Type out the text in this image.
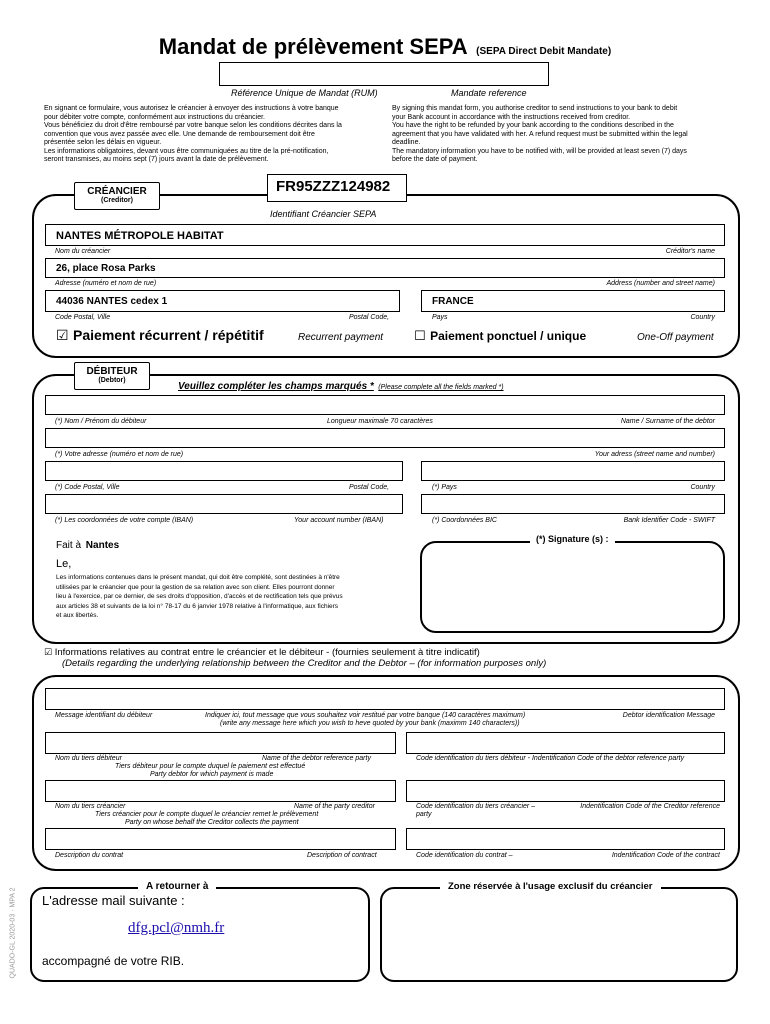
Mandat de prélèvement SEPA (SEPA Direct Debit Mandate)
Référence Unique de Mandat (RUM)	Mandate reference
En signant ce formulaire, vous autorisez le créancier à envoyer des instructions à votre banque
pour débiter votre compte, conformément aux instructions du créancier.
Vous bénéficiez du droit d'être remboursé par votre banque selon les conditions décrites dans la
convention que vous avez passée avec elle. Une demande de remboursement doit être
présentée selon les délais en vigueur.
Les informations obligatoires, devant vous être communiquées au titre de la pré-notification,
seront transmises, au moins sept (7) jours avant la date de prélèvement.
By signing this mandat form, you authorise creditor to send instructions to your bank to debit
your Bank account in accordance with the instructions received from creditor.
You have the right to be refunded by your bank according to the conditions described in the
agreement that you have validated with her. A refund request must be submitted within the legal
deadline.
The mandatory information you have to be notified with, will be provided at least seven (7) days
before the date of payment.
CRÉANCIER
(Creditor)
FR95ZZZ124982
Identifiant Créancier SEPA
NANTES MÉTROPOLE HABITAT
Nom du créancier	Créditor's name
26, place Rosa Parks
Adresse (numéro et nom de rue)	Address (number and street name)
44036 NANTES cedex 1	FRANCE
Code Postal, Ville	Postal Code,	Pays	Country
☑ Paiement récurrent / répétitif	Recurrent payment ☐ Paiement ponctuel / unique	One-Off payment
DÉBITEUR
(Debtor)
Veuillez compléter les champs marqués * (Please complete all the fields marked *)
(*) Nom / Prénom du débiteur	Longueur maximale 70 caractères	Name / Surname of the debtor
(*) Votre adresse (numéro et nom de rue)	Your adress (street name and number)
(*) Code Postal, Ville	Postal Code,	(*) Pays	Country
(*) Les coordonnées de votre compte (IBAN)	Your account number (IBAN)	(*) Coordonnées BIC	Bank Identifier Code - SWIFT
Fait à Nantes
Le,
Les informations contenues dans le présent mandat, qui doit être complété, sont destinées à n'être
utilisées par le créancier que pour la gestion de sa relation avec son client. Elles pourront donner
lieu à l'exercice, par ce dernier, de ses droits d'opposition, d'accès et de rectification tels que prévus
aux articles 38 et suivants de la loi n° 78-17 du 6 janvier 1978 relative à l'informatique, aux fichiers
et aux libertés.
(*) Signature (s) :
☑ Informations relatives au contrat entre le créancier et le débiteur - (fournies seulement à titre indicatif)
(Details regarding the underlying relationship between the Creditor and the Debtor – (for information purposes only)
Message identifiant du débiteur	Indiquer ici, tout message que vous souhaitez voir restitué par votre banque (140 caractères maximum)
(write any message here which you wish to heve quoted by your bank (maximm 140 characters))
Debtor identification Message
Nom du tiers débiteur	Name of the debtor reference party
Tiers débiteur pour le compte duquel le paiement est effectué
Party debtor for which payment is made
Code identification du tiers débiteur - Indentification Code of the debtor reference party
Nom du tiers créancier	Name of the party creditor
Tiers créancier pour le compte duquel le créancier remet le prélèvement
Party on whose behalf the Creditor collects the payment
Code identification du tiers créancier –
party
Indentification Code of the Creditor reference
Description du contrat	Description of contract	Code identification du contrat –	Indentification Code of the contract
A retourner à
L'adresse mail suivante :
dfg.pcl@nmh.fr
accompagné de votre RIB.
Zone réservée à l'usage exclusif du créancier
QUADO-GL 2020-03 · MPA 2
